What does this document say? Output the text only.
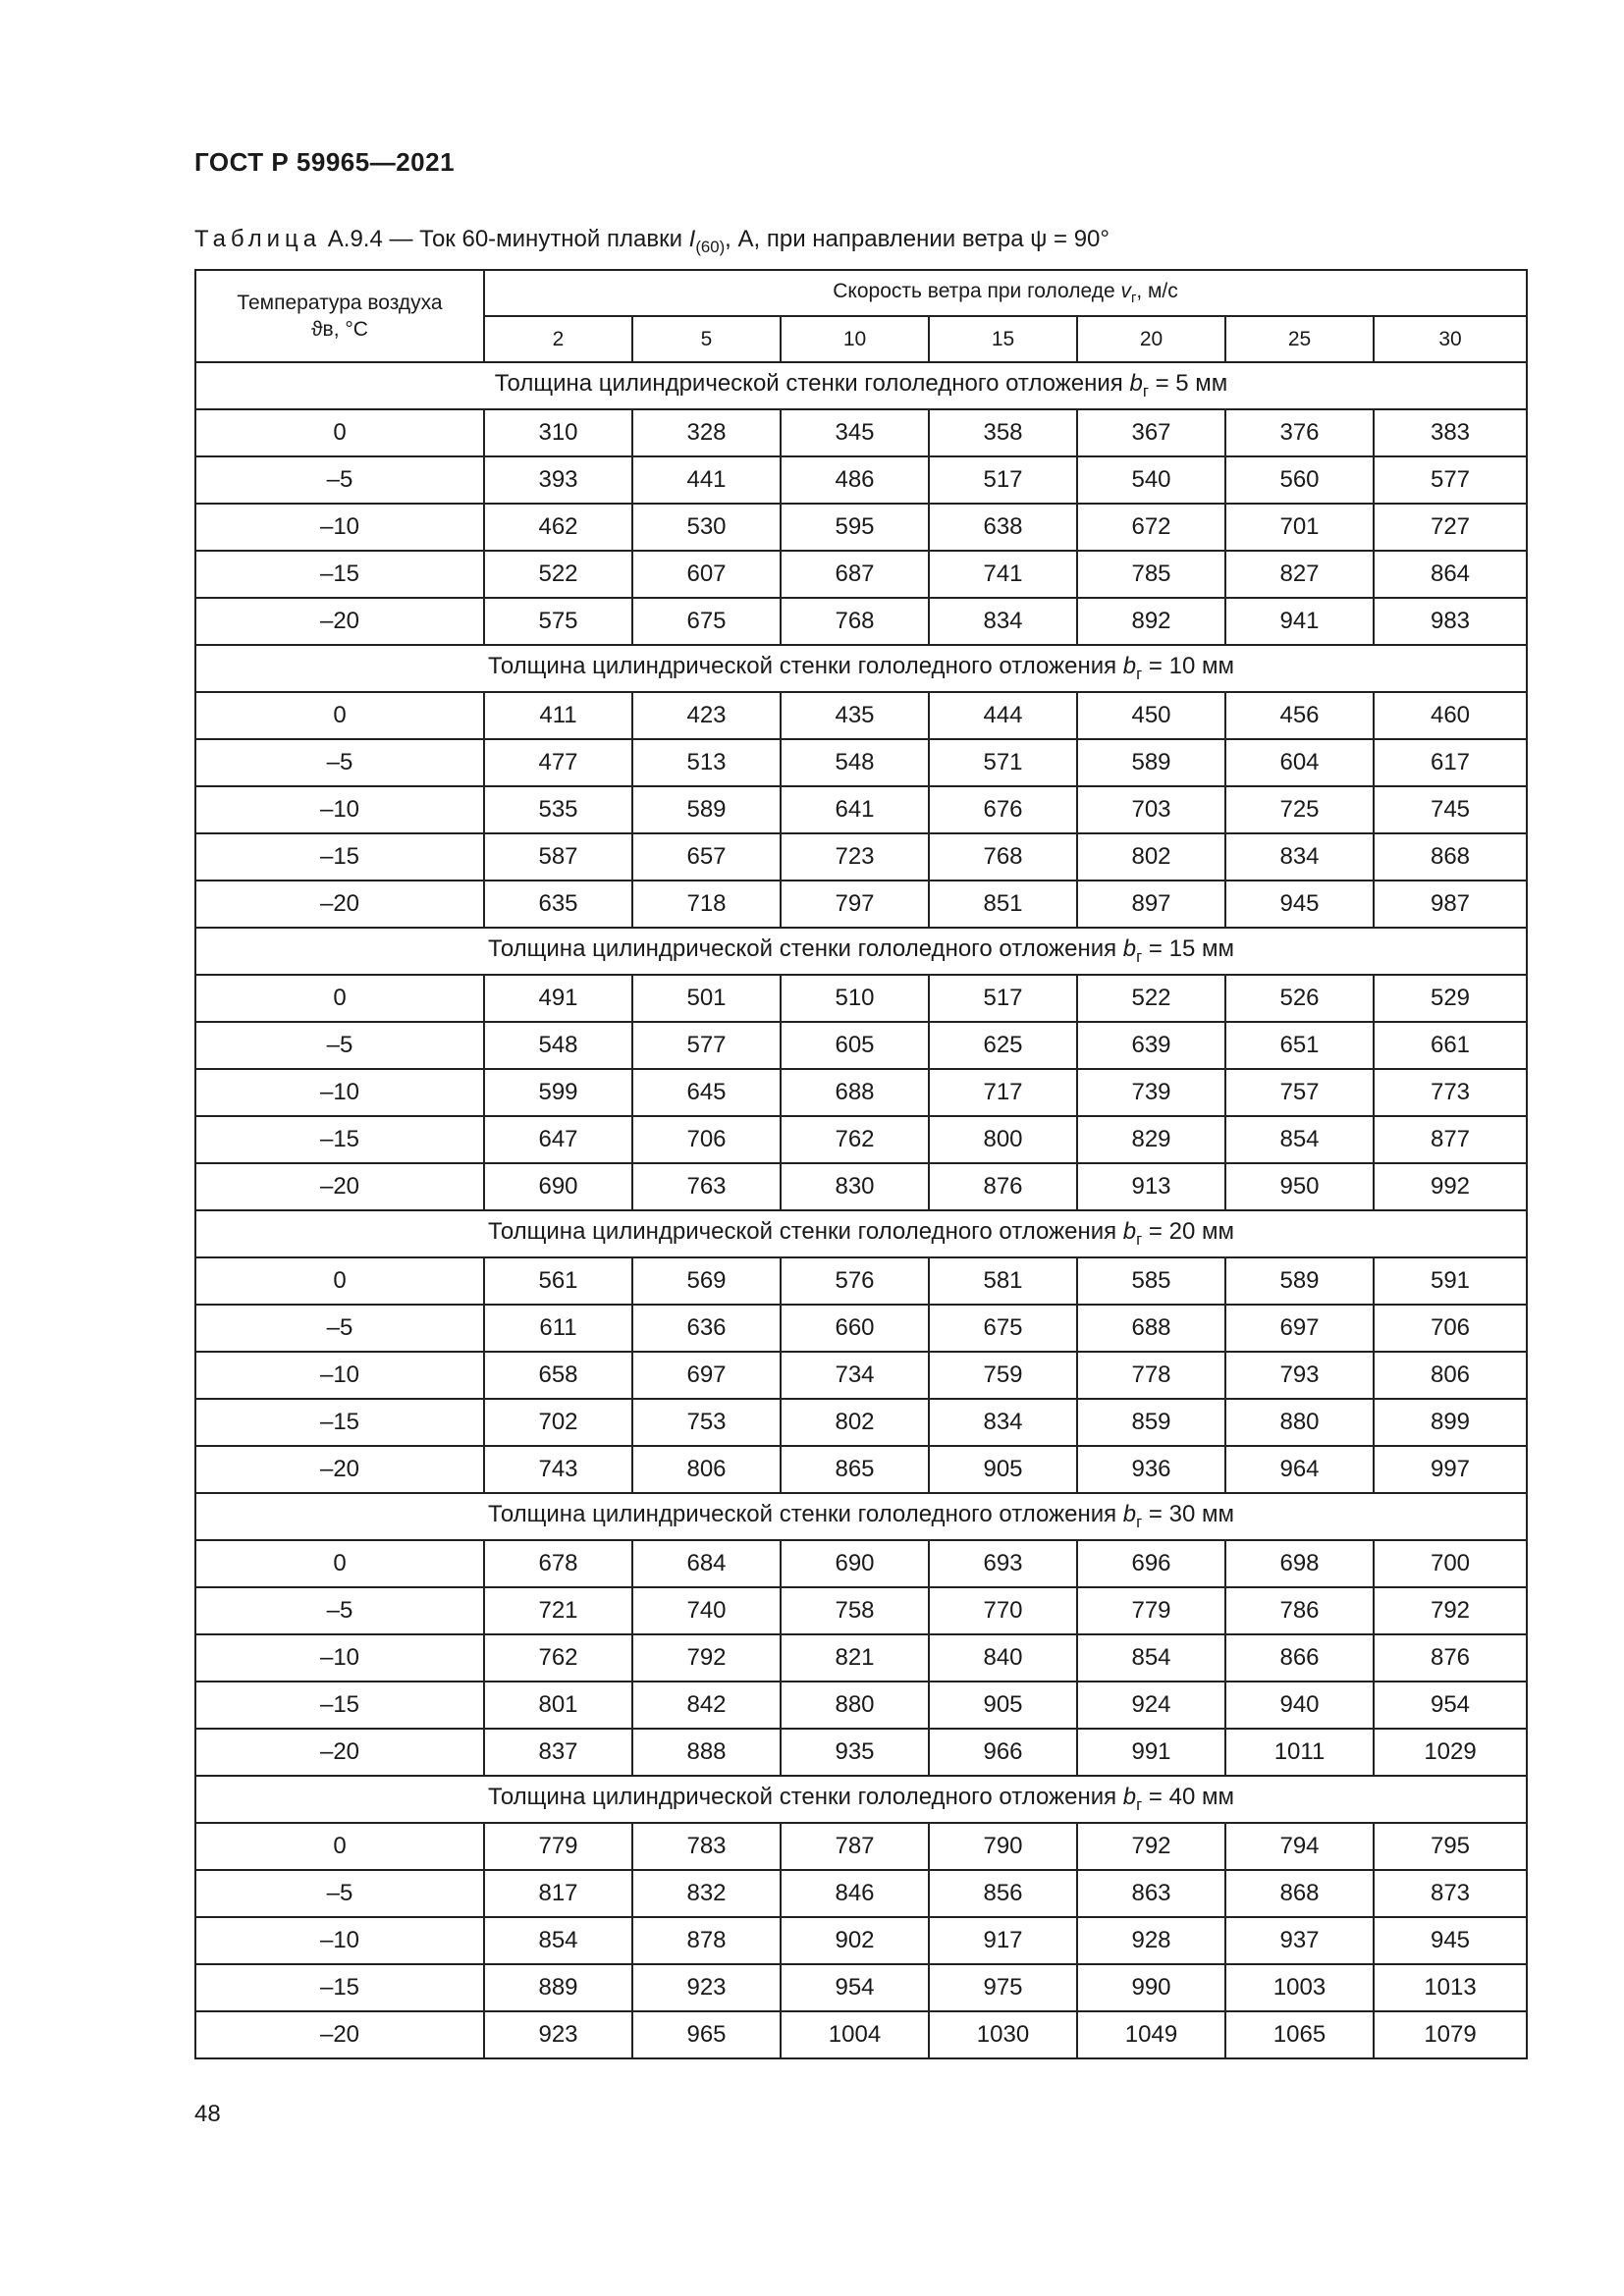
ГОСТ Р 59965—2021
Таблица А.9.4 — Ток 60-минутной плавки $I_{(60)}$, А, при направлении ветра ψ = 90°
Температура воздуха
ϑв, °С	Скорость ветра при гололеде $v_г$, м/с						
	2	5	10	15	20	25	30
Толщина цилиндрической стенки гололедного отложения $b_г = 5$ мм							
0	310	328	345	358	367	376	383
–5	393	441	486	517	540	560	577
–10	462	530	595	638	672	701	727
–15	522	607	687	741	785	827	864
–20	575	675	768	834	892	941	983
Толщина цилиндрической стенки гололедного отложения $b_г = 10$ мм							
0	411	423	435	444	450	456	460
–5	477	513	548	571	589	604	617
–10	535	589	641	676	703	725	745
–15	587	657	723	768	802	834	868
–20	635	718	797	851	897	945	987
Толщина цилиндрической стенки гололедного отложения $b_г = 15$ мм							
0	491	501	510	517	522	526	529
–5	548	577	605	625	639	651	661
–10	599	645	688	717	739	757	773
–15	647	706	762	800	829	854	877
–20	690	763	830	876	913	950	992
Толщина цилиндрической стенки гололедного отложения $b_г = 20$ мм							
0	561	569	576	581	585	589	591
–5	611	636	660	675	688	697	706
–10	658	697	734	759	778	793	806
–15	702	753	802	834	859	880	899
–20	743	806	865	905	936	964	997
Толщина цилиндрической стенки гололедного отложения $b_г = 30$ мм							
0	678	684	690	693	696	698	700
–5	721	740	758	770	779	786	792
–10	762	792	821	840	854	866	876
–15	801	842	880	905	924	940	954
–20	837	888	935	966	991	1011	1029
Толщина цилиндрической стенки гололедного отложения $b_г = 40$ мм							
0	779	783	787	790	792	794	795
–5	817	832	846	856	863	868	873
–10	854	878	902	917	928	937	945
–15	889	923	954	975	990	1003	1013
–20	923	965	1004	1030	1049	1065	1079
48
